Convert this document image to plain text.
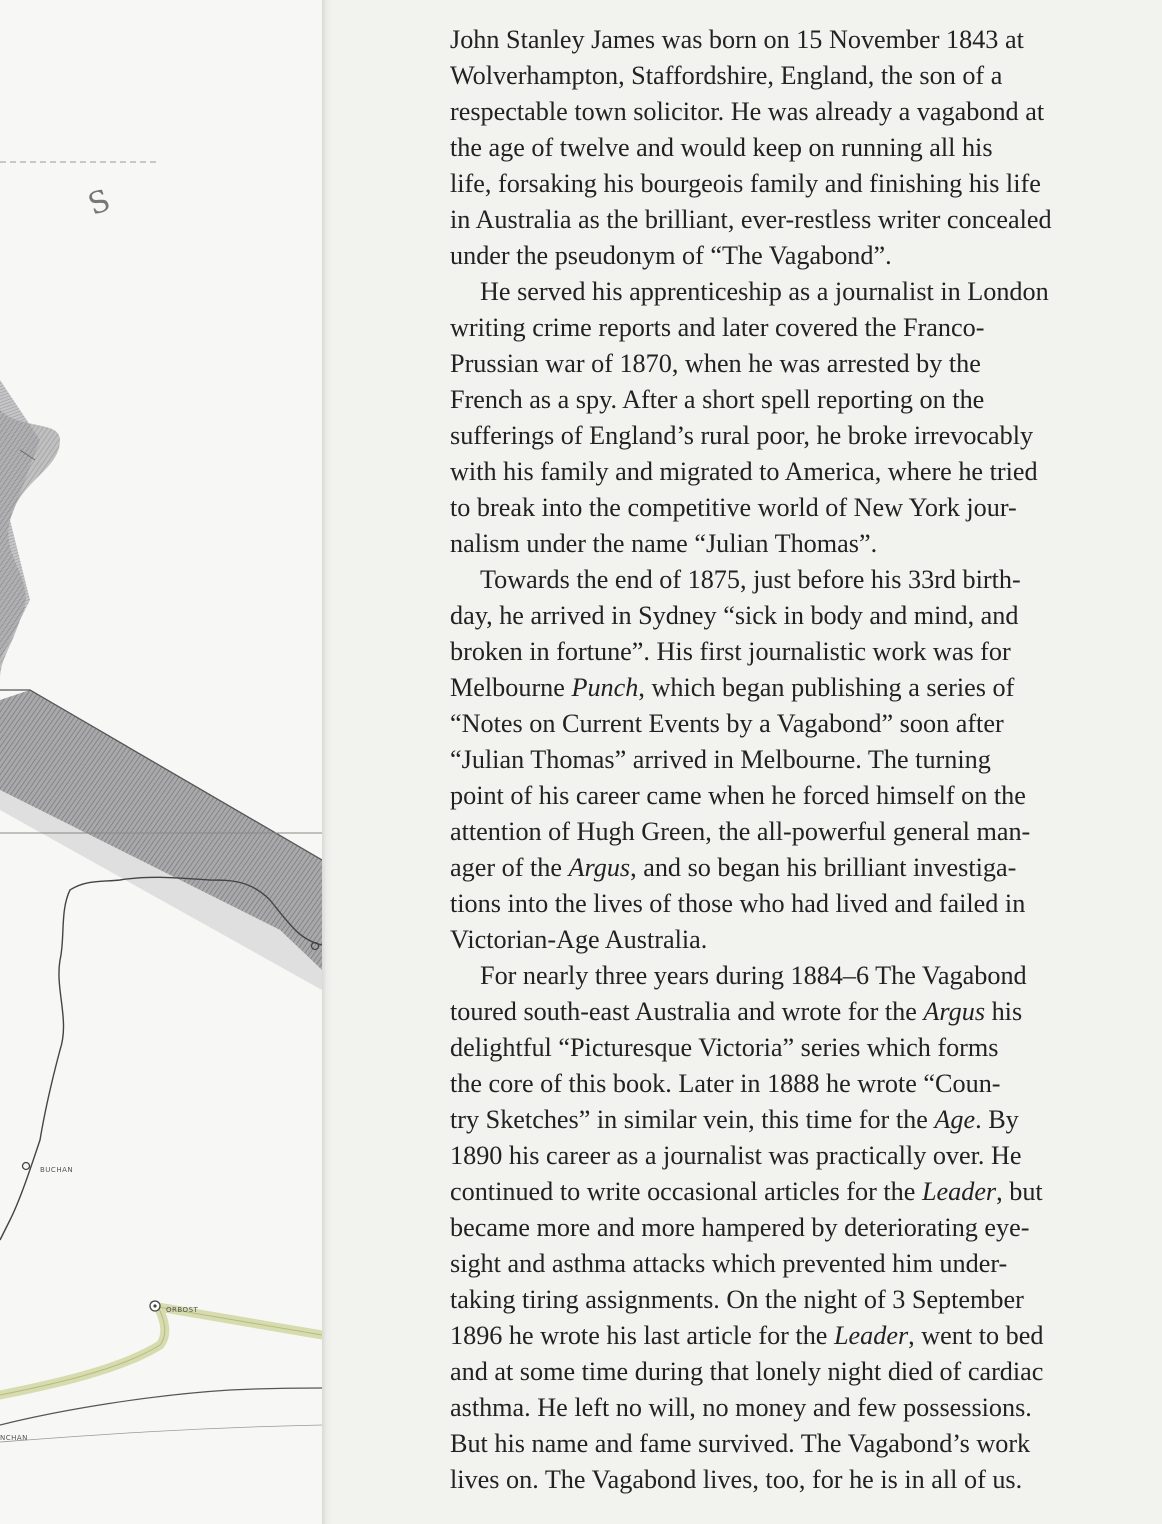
S
BUCHAN
ORBOST
NCHAN
John Stanley James was born on 15 November 1843 at
Wolverhampton, Staffordshire, England, the son of a
respectable town solicitor. He was already a vagabond at
the age of twelve and would keep on running all his
life, forsaking his bourgeois family and finishing his life
in Australia as the brilliant, ever-restless writer concealed
under the pseudonym of “The Vagabond”.
He served his apprenticeship as a journalist in London
writing crime reports and later covered the Franco-
Prussian war of 1870, when he was arrested by the
French as a spy. After a short spell reporting on the
sufferings of England’s rural poor, he broke irrevocably
with his family and migrated to America, where he tried
to break into the competitive world of New York jour-
nalism under the name “Julian Thomas”.
Towards the end of 1875, just before his 33rd birth-
day, he arrived in Sydney “sick in body and mind, and
broken in fortune”. His first journalistic work was for
Melbourne Punch, which began publishing a series of
“Notes on Current Events by a Vagabond” soon after
“Julian Thomas” arrived in Melbourne. The turning
point of his career came when he forced himself on the
attention of Hugh Green, the all-powerful general man-
ager of the Argus, and so began his brilliant investiga-
tions into the lives of those who had lived and failed in
Victorian-Age Australia.
For nearly three years during 1884–6 The Vagabond
toured south-east Australia and wrote for the Argus his
delightful “Picturesque Victoria” series which forms
the core of this book. Later in 1888 he wrote “Coun-
try Sketches” in similar vein, this time for the Age. By
1890 his career as a journalist was practically over. He
continued to write occasional articles for the Leader, but
became more and more hampered by deteriorating eye-
sight and asthma attacks which prevented him under-
taking tiring assignments. On the night of 3 September
1896 he wrote his last article for the Leader, went to bed
and at some time during that lonely night died of cardiac
asthma. He left no will, no money and few possessions.
But his name and fame survived. The Vagabond’s work
lives on. The Vagabond lives, too, for he is in all of us.
